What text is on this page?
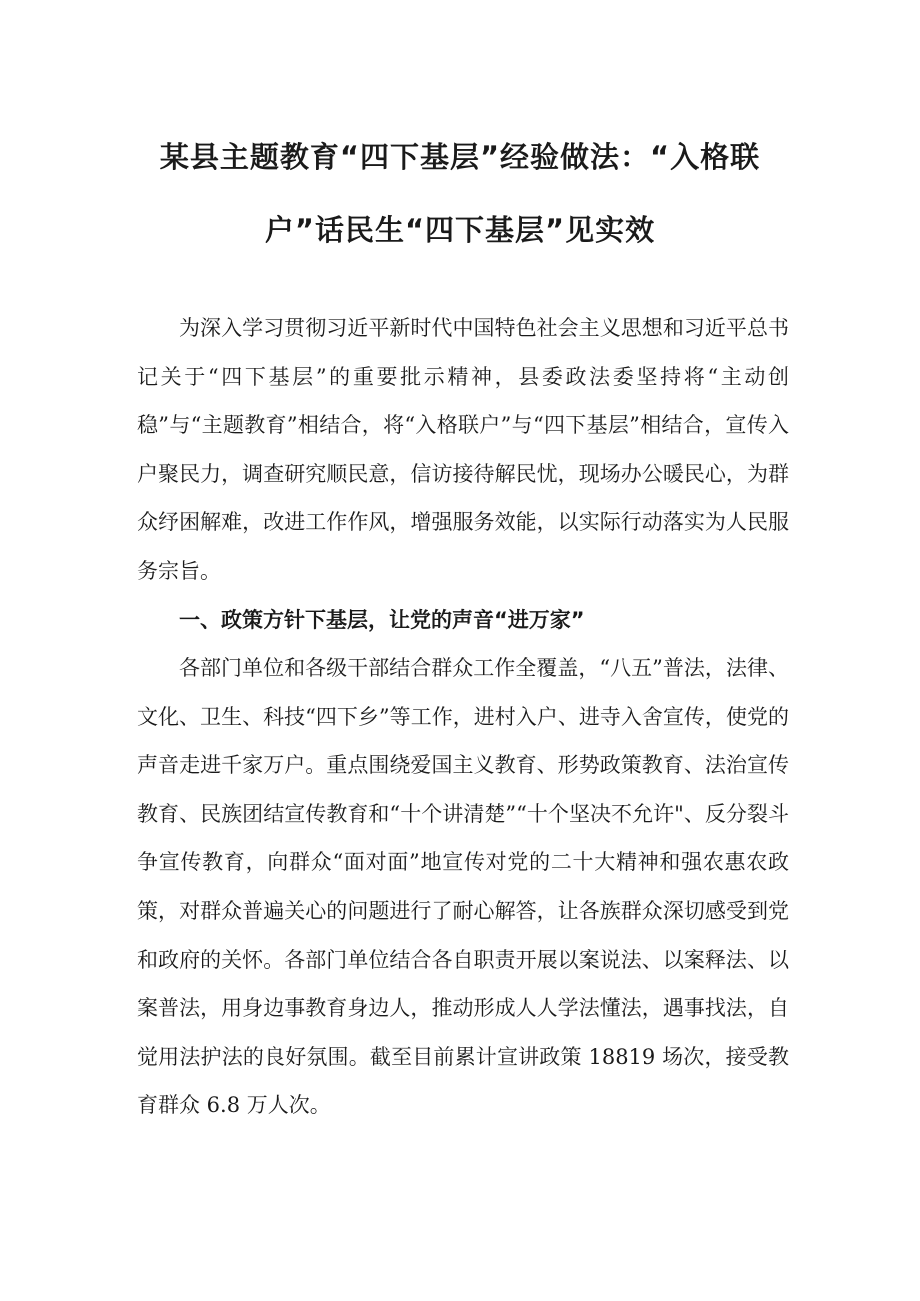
某县主题教育“四下基层”经验做法：“入格联
户”话民生“四下基层”见实效

为深入学习贯彻习近平新时代中国特色社会主义思想和习近平总书记关于“四下基层”的重要批示精神，县委政法委坚持将“主动创稳”与“主题教育”相结合，将“入格联户”与“四下基层”相结合，宣传入户聚民力，调查研究顺民意，信访接待解民忧，现场办公暖民心，为群众纾困解难，改进工作作风，增强服务效能，以实际行动落实为人民服务宗旨。

一、政策方针下基层，让党的声音“进万家”

各部门单位和各级干部结合群众工作全覆盖，“八五”普法，法律、文化、卫生、科技“四下乡”等工作，进村入户、进寺入舍宣传，使党的声音走进千家万户。重点围绕爱国主义教育、形势政策教育、法治宣传教育、民族团结宣传教育和“十个讲清楚”“十个坚决不允许"、反分裂斗争宣传教育，向群众“面对面”地宣传对党的二十大精神和强农惠农政策，对群众普遍关心的问题进行了耐心解答，让各族群众深切感受到党和政府的关怀。各部门单位结合各自职责开展以案说法、以案释法、以案普法，用身边事教育身边人，推动形成人人学法懂法，遇事找法，自觉用法护法的良好氛围。截至目前累计宣讲政策 18819 场次，接受教育群众 6.8 万人次。
